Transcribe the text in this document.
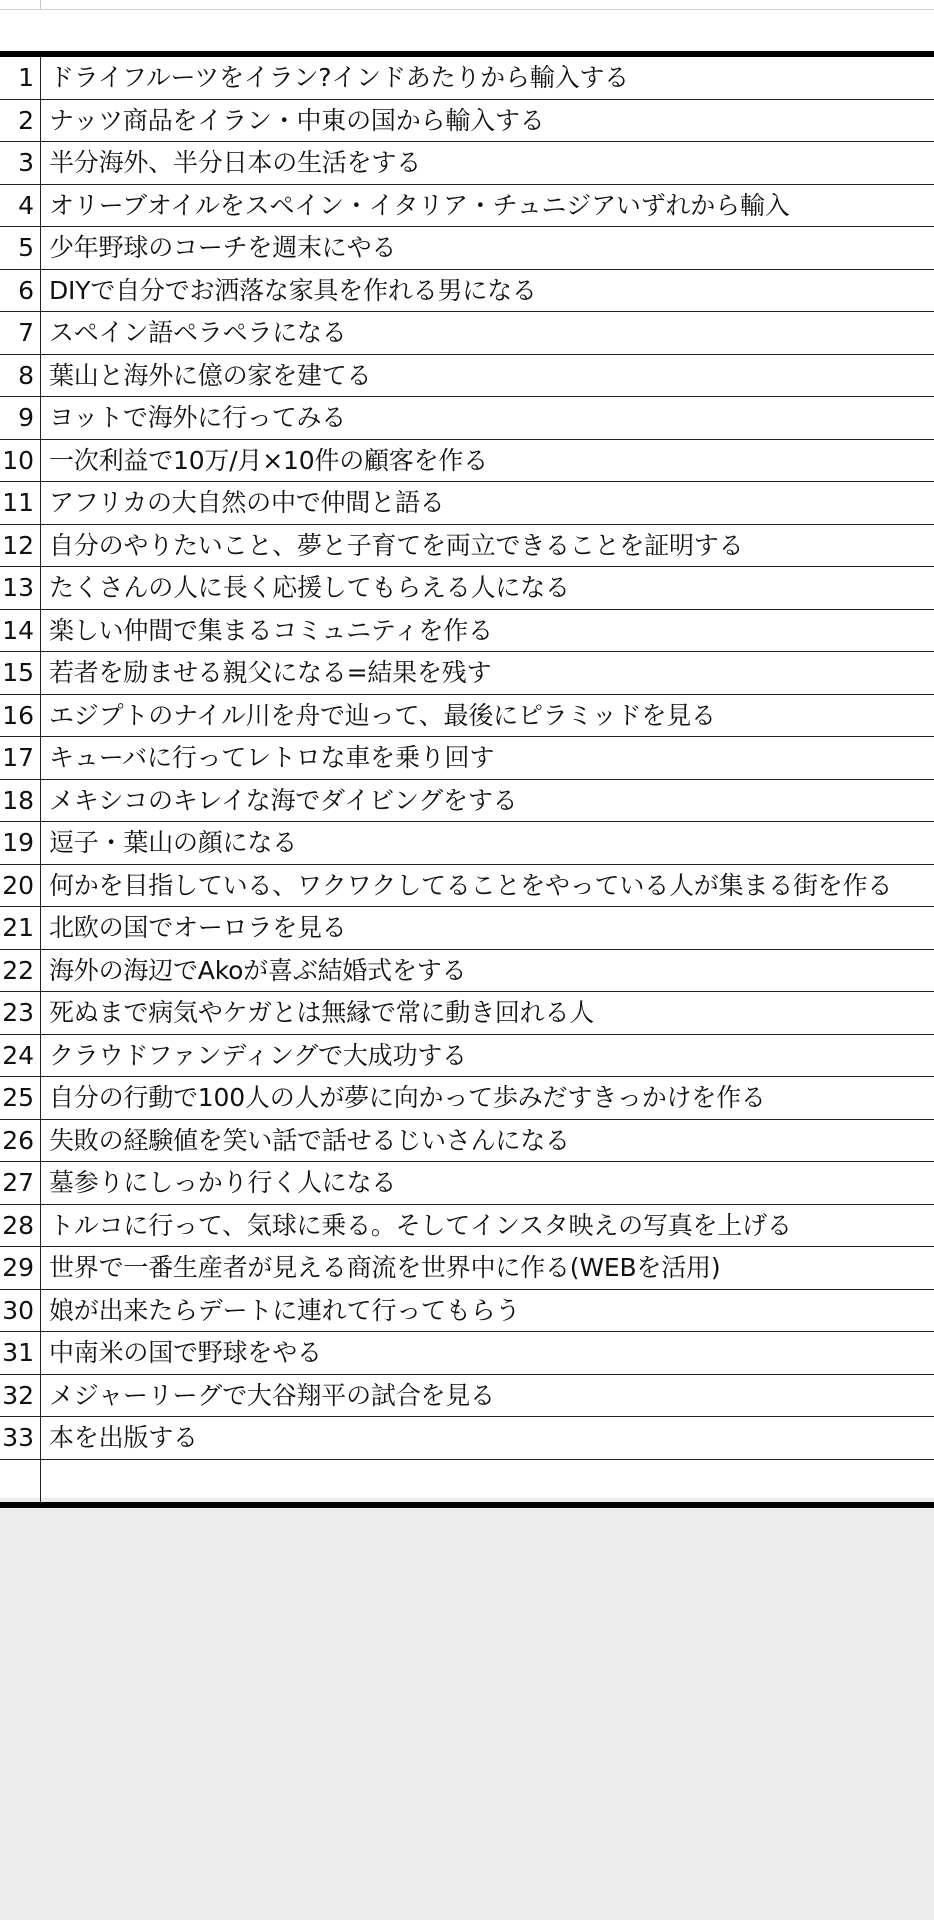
1 ドライフルーツをイラン?インドあたりから輸入する
2 ナッツ商品をイラン・中東の国から輸入する
3 半分海外、半分日本の生活をする
4 オリーブオイルをスペイン・イタリア・チュニジアいずれから輸入
5 少年野球のコーチを週末にやる
6 DIYで自分でお洒落な家具を作れる男になる
7 スペイン語ペラペラになる
8 葉山と海外に億の家を建てる
9 ヨットで海外に行ってみる
10 一次利益で10万/月×10件の顧客を作る
11 アフリカの大自然の中で仲間と語る
12 自分のやりたいこと、夢と子育てを両立できることを証明する
13 たくさんの人に長く応援してもらえる人になる
14 楽しい仲間で集まるコミュニティを作る
15 若者を励ませる親父になる=結果を残す
16 エジプトのナイル川を舟で辿って、最後にピラミッドを見る
17 キューバに行ってレトロな車を乗り回す
18 メキシコのキレイな海でダイビングをする
19 逗子・葉山の顔になる
20 何かを目指している、ワクワクしてることをやっている人が集まる街を作る
21 北欧の国でオーロラを見る
22 海外の海辺でAkoが喜ぶ結婚式をする
23 死ぬまで病気やケガとは無縁で常に動き回れる人
24 クラウドファンディングで大成功する
25 自分の行動で100人の人が夢に向かって歩みだすきっかけを作る
26 失敗の経験値を笑い話で話せるじいさんになる
27 墓参りにしっかり行く人になる
28 トルコに行って、気球に乗る。そしてインスタ映えの写真を上げる
29 世界で一番生産者が見える商流を世界中に作る(WEBを活用)
30 娘が出来たらデートに連れて行ってもらう
31 中南米の国で野球をやる
32 メジャーリーグで大谷翔平の試合を見る
33 本を出版する
